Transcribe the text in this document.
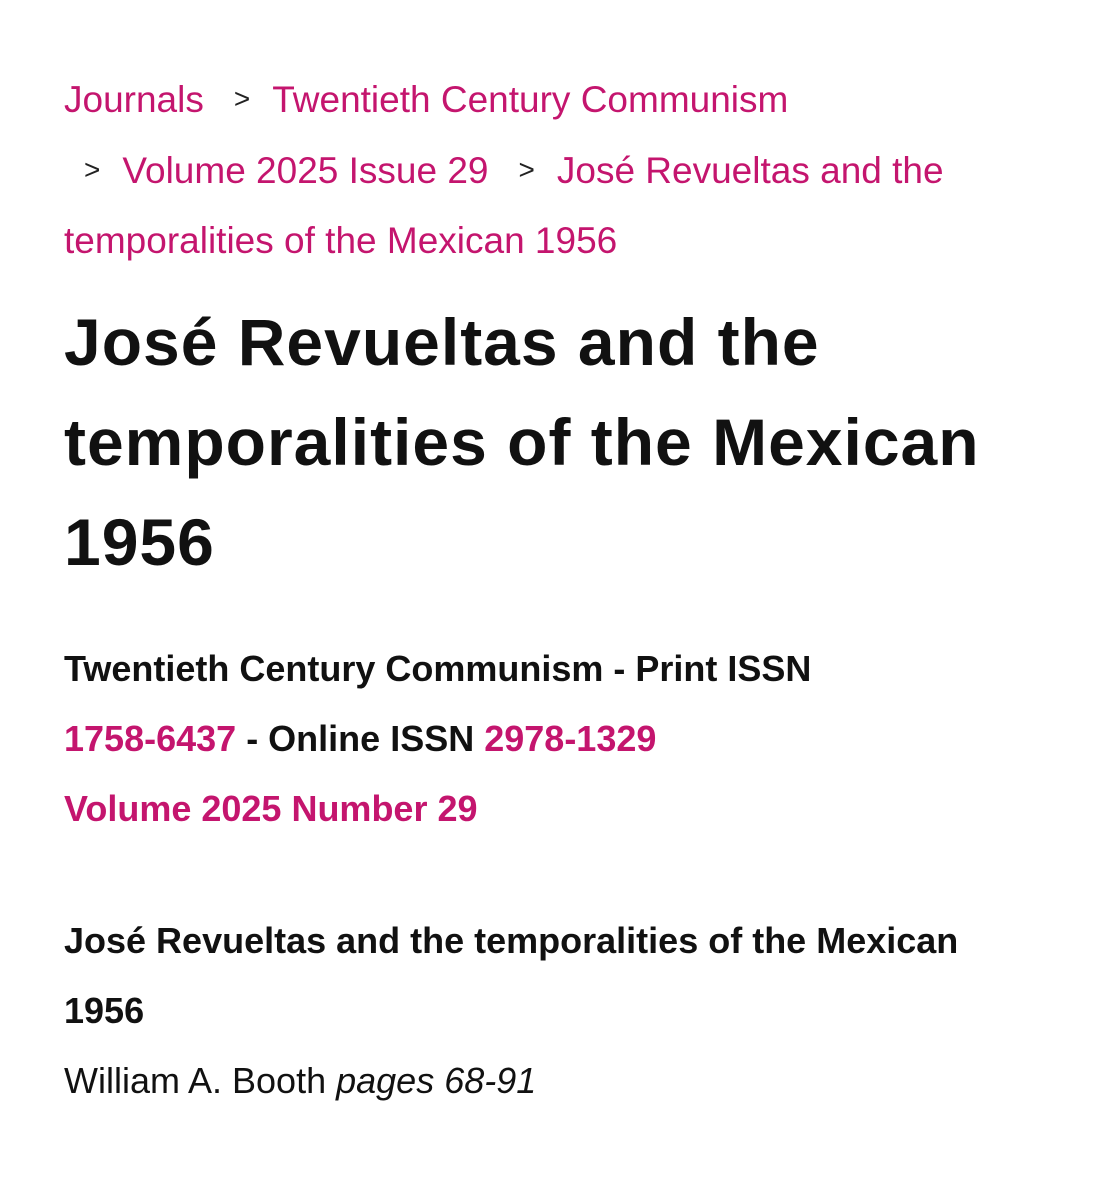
Journals > Twentieth Century Communism
> Volume 2025 Issue 29 > José Revueltas and the temporalities of the Mexican 1956
José Revueltas and the temporalities of the Mexican 1956
Twentieth Century Communism - Print ISSN
1758-6437 - Online ISSN 2978-1329
Volume 2025 Number 29
José Revueltas and the temporalities of the Mexican 1956
William A. Booth pages 68-91
